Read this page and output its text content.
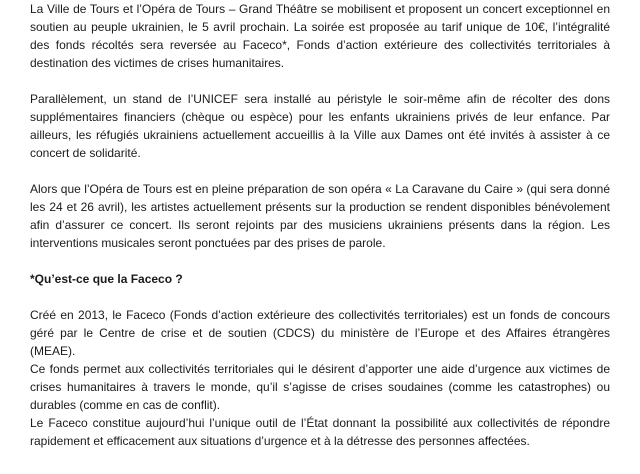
La Ville de Tours et l’Opéra de Tours – Grand Théâtre se mobilisent et proposent un concert exceptionnel en soutien au peuple ukrainien, le 5 avril prochain. La soirée est proposée au tarif unique de 10€, l’intégralité des fonds récoltés sera reversée au Faceco*, Fonds d’action extérieure des collectivités territoriales à destination des victimes de crises humanitaires.

Parallèlement, un stand de l’UNICEF sera installé au péristyle le soir-même afin de récolter des dons supplémentaires financiers (chèque ou espèce) pour les enfants ukrainiens privés de leur enfance. Par ailleurs, les réfugiés ukrainiens actuellement accueillis à la Ville aux Dames ont été invités à assister à ce concert de solidarité.

Alors que l’Opéra de Tours est en pleine préparation de son opéra « La Caravane du Caire » (qui sera donné les 24 et 26 avril), les artistes actuellement présents sur la production se rendent disponibles bénévolement afin d’assurer ce concert. Ils seront rejoints par des musiciens ukrainiens présents dans la région. Les interventions musicales seront ponctuées par des prises de parole.

*Qu’est-ce que la Faceco ?

Créé en 2013, le Faceco (Fonds d’action extérieure des collectivités territoriales) est un fonds de concours géré par le Centre de crise et de soutien (CDCS) du ministère de l’Europe et des Affaires étrangères (MEAE).

Ce fonds permet aux collectivités territoriales qui le désirent d’apporter une aide d’urgence aux victimes de crises humanitaires à travers le monde, qu’il s’agisse de crises soudaines (comme les catastrophes) ou durables (comme en cas de conflit).

Le Faceco constitue aujourd’hui l’unique outil de l’État donnant la possibilité aux collectivités de répondre rapidement et efficacement aux situations d’urgence et à la détresse des personnes affectées.
